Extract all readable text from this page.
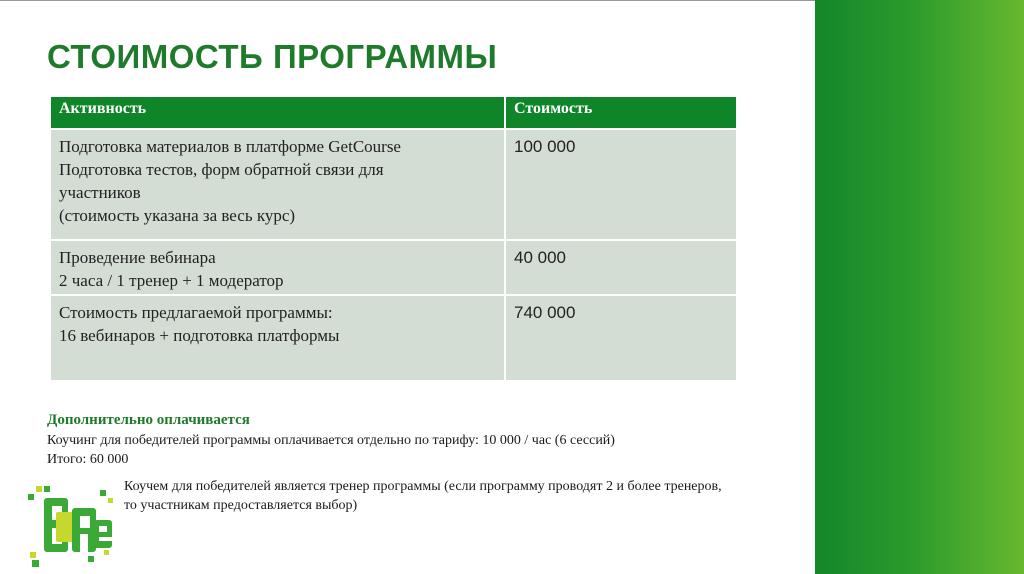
СТОИМОСТЬ ПРОГРАММЫ
Активность	Стоимость

Подготовка материалов в платформе GetCourse
Подготовка тестов, форм обратной связи для
участников
(стоимость указана за весь курс)	100 000

Проведение вебинара
2 часа / 1 тренер + 1 модератор	40 000

Стоимость предлагаемой программы:
16 вебинаров + подготовка платформы	740 000
Дополнительно оплачивается
Коучинг для победителей программы оплачивается отдельно по тарифу: 10 000 / час (6 сессий)
Итого: 60 000
Коучем для победителей является тренер программы (если программу проводят 2 и более тренеров, то участникам предоставляется выбор)
